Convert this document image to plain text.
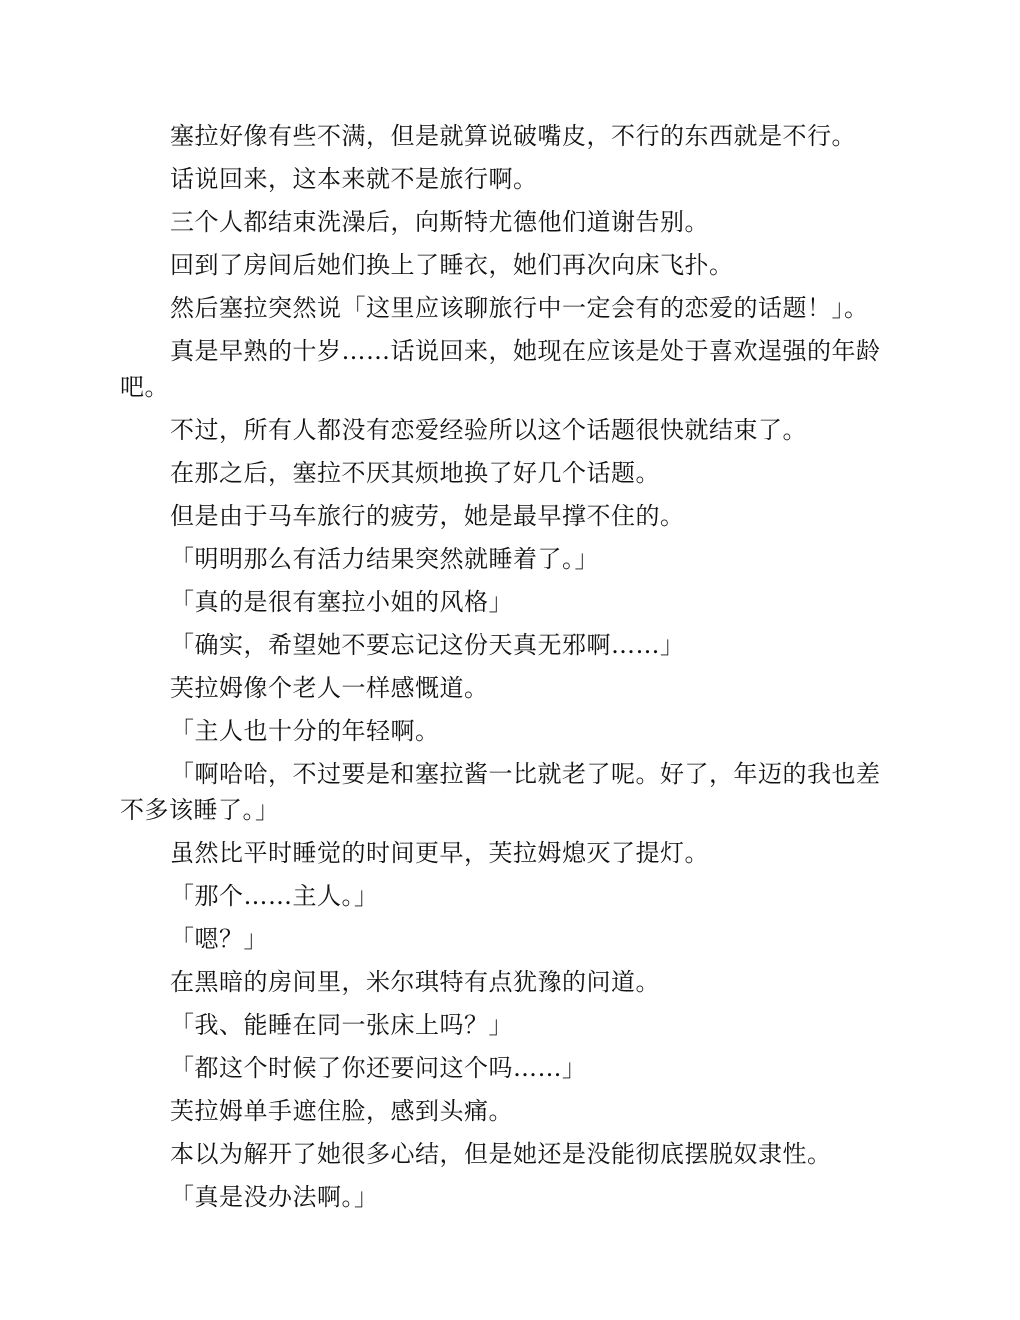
塞拉好像有些不满，但是就算说破嘴皮，不行的东西就是不行。

话说回来，这本来就不是旅行啊。

三个人都结束洗澡后，向斯特尤德他们道谢告别。

回到了房间后她们换上了睡衣，她们再次向床飞扑。

然后塞拉突然说「这里应该聊旅行中一定会有的恋爱的话题！」。

真是早熟的十岁……话说回来，她现在应该是处于喜欢逞强的年龄吧。

不过，所有人都没有恋爱经验所以这个话题很快就结束了。

在那之后，塞拉不厌其烦地换了好几个话题。

但是由于马车旅行的疲劳，她是最早撑不住的。

「明明那么有活力结果突然就睡着了。」

「真的是很有塞拉小姐的风格」

「确实，希望她不要忘记这份天真无邪啊……」

芙拉姆像个老人一样感慨道。

「主人也十分的年轻啊。

「啊哈哈，不过要是和塞拉酱一比就老了呢。好了，年迈的我也差不多该睡了。」

虽然比平时睡觉的时间更早，芙拉姆熄灭了提灯。

「那个……主人。」

「嗯？」

在黑暗的房间里，米尔琪特有点犹豫的问道。

「我、能睡在同一张床上吗？」

「都这个时候了你还要问这个吗……」

芙拉姆单手遮住脸，感到头痛。

本以为解开了她很多心结，但是她还是没能彻底摆脱奴隶性。

「真是没办法啊。」
